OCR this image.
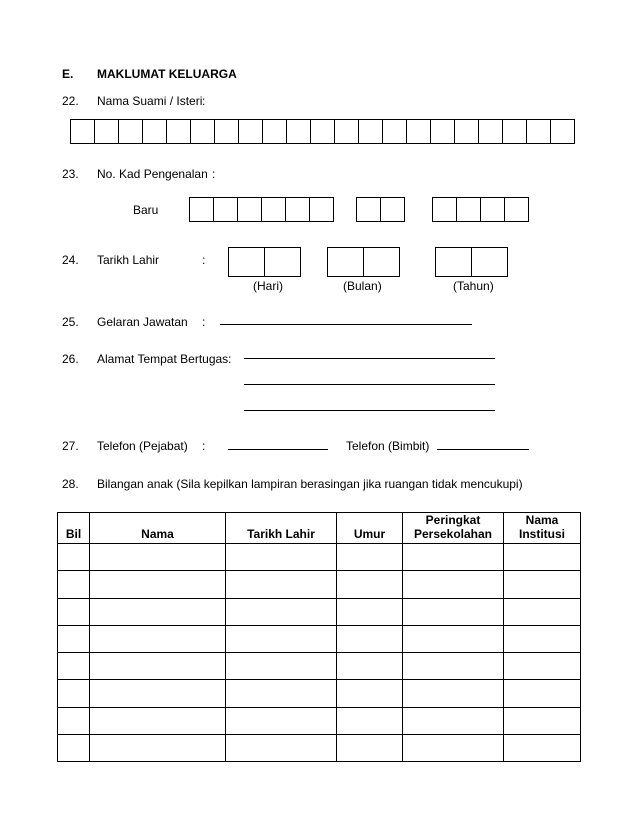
E. MAKLUMAT KELUARGA
22. Nama Suami / Isteri :
23. No. Kad Pengenalan :
Baru
24. Tarikh Lahir	:
(Hari)	(Bulan)	(Tahun)
25. Gelaran Jawatan :
26. Alamat Tempat Bertugas :
27. Telefon (Pejabat) :	Telefon (Bimbit)
28. Bilangan anak (Sila kepilkan lampiran berasingan jika ruangan tidak mencukupi)
Bil	Nama	Tarikh Lahir	Umur	Peringkat Persekolahan	Nama Institusi
